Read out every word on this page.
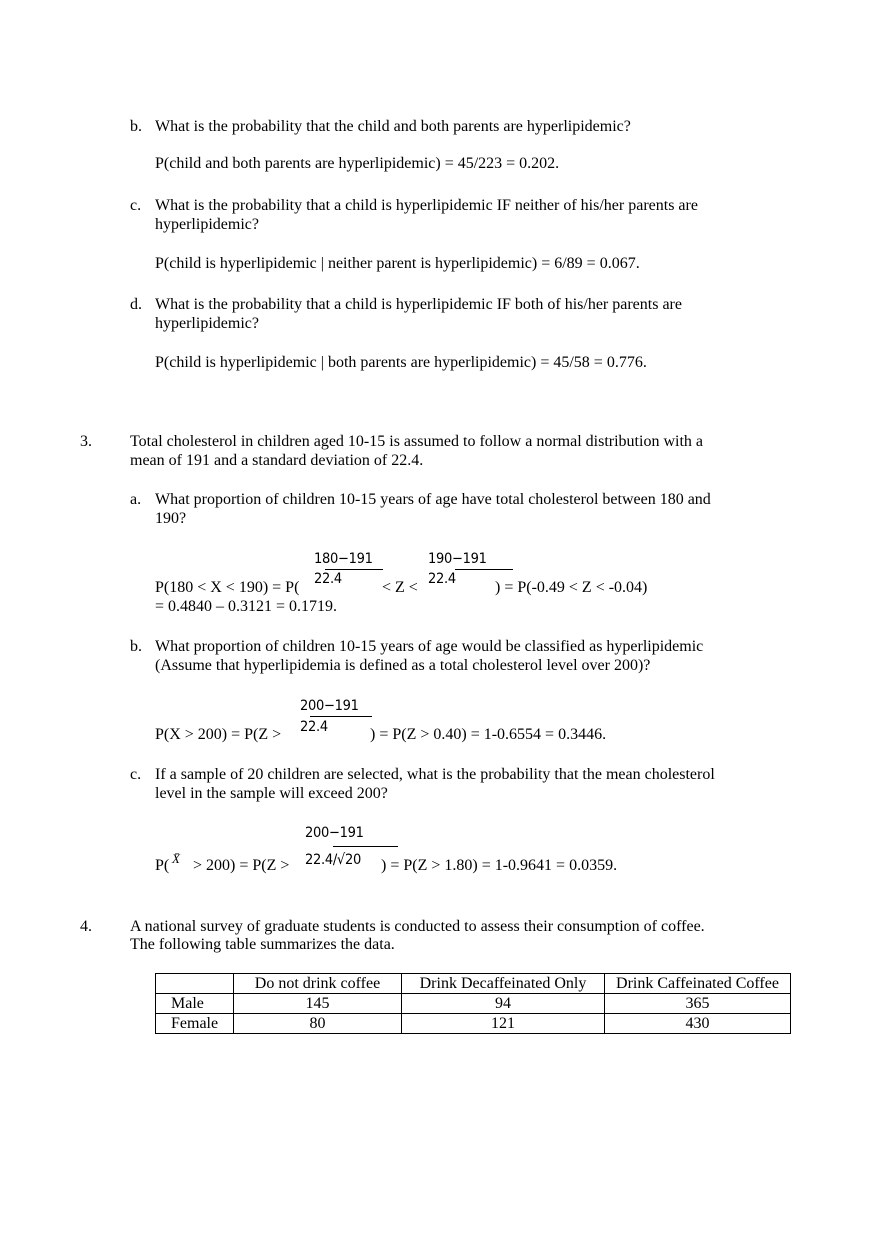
b. What is the probability that the child and both parents are hyperlipidemic?
P(child and both parents are hyperlipidemic) = 45/223 = 0.202.
c. What is the probability that a child is hyperlipidemic IF neither of his/her parents are
hyperlipidemic?
P(child is hyperlipidemic | neither parent is hyperlipidemic) = 6/89 = 0.067.
d. What is the probability that a child is hyperlipidemic IF both of his/her parents are
hyperlipidemic?
P(child is hyperlipidemic | both parents are hyperlipidemic) = 45/58 = 0.776.
3. Total cholesterol in children aged 10-15 is assumed to follow a normal distribution with a
mean of 191 and a standard deviation of 22.4.
a. What proportion of children 10-15 years of age have total cholesterol between 180 and
190?
180−191
22.4
190−191
22.4
P(180 < X < 190) = P(	< Z <	) = P(-0.49 < Z < -0.04)
= 0.4840 – 0.3121 = 0.1719.
b. What proportion of children 10-15 years of age would be classified as hyperlipidemic
(Assume that hyperlipidemia is defined as a total cholesterol level over 200)?
200−191
22.4
P(X > 200) = P(Z >	) = P(Z > 0.40) = 1-0.6554 = 0.3446.
c. If a sample of 20 children are selected, what is the probability that the mean cholesterol
level in the sample will exceed 200?
200−191
22.4/√20
P( X̄ > 200) = P(Z >	) = P(Z > 1.80) = 1-0.9641 = 0.0359.
4. A national survey of graduate students is conducted to assess their consumption of coffee.
The following table summarizes the data.
	Do not drink coffee	Drink Decaffeinated Only	Drink Caffeinated Coffee
Male	145	94	365
Female	80	121	430
